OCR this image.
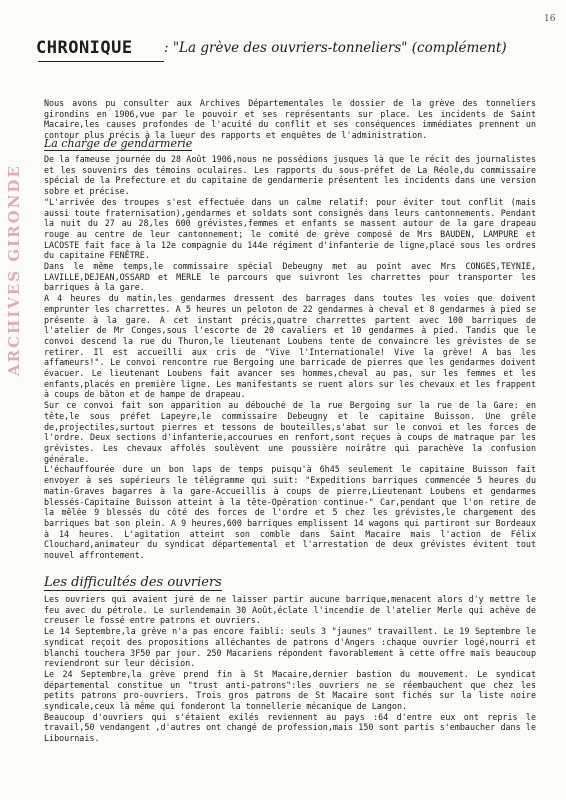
16
CHRONIQUE : "La grève des ouvriers-tonneliers" (complément)
ARCHIVES GIRONDE
Nous avons pu consulter aux Archives Départementales le dossier de la grève des tonneliers girondins en 1906,vue par le pouvoir et ses représentants sur place. Les incidents de Saint Macaire,les causes profondes de l'acuité du conflit et ses conséquences immédiates prennent un contour plus précis à la lueur des rapports et enquêtes de l'administration.
La charge de gendarmerie
De la fameuse journée du 28 Août 1906,nous ne possédions jusques là que le récit des journalistes et les souvenirs des témoins oculaires. Les rapports du sous-préfet de La Réole,du commissaire spécial de la Prefecture et du capitaine de gendarmerie présentent les incidents dans une version sobre et précise.
"L'arrivée des troupes s'est effectuée dans un calme relatif: pour éviter tout conflit (mais aussi toute fraternisation),gendarmes et soldats sont consignés dans leurs cantonnements. Pendant la nuit du 27 au 28,les 600 grévistes,femmes et enfants se massent autour de la gare drapeau rouge au centre de leur cantonnement; le comité de grève composé de Mrs BAUDEN, LAMPURE et LACOSTE fait face à la 12e compagnie du 144e régiment d'infanterie de ligne,placé sous les ordres du capitaine FENÊTRE.
Dans le même temps,le commissaire spécial Debeugny met au point avec Mrs CONGES,TEYNIE, LAVILLE,DEJEAN,OSSARD et MERLE le parcours que suivront les charrettes pour transporter les barriques à la gare.
A 4 heures du matin,les gendarmes dressent des barrages dans toutes les voies que doivent emprunter les charrettes. A 5 heures un peloton de 22 gendarmes à cheval et 8 gendarmes à pied se présente à la gare. A cet instant précis,quatre charrettes partent avec 100 barriques de l'atelier de Mr Conges,sous l'escorte de 20 cavaliers et 10 gendarmes à pied. Tandis que le convoi descend la rue du Thuron,le lieutenant Loubens tente de convaincre les grévistes de se retirer. Il est accueilli aux cris de "Vive l'Internationale! Vive la grève! A bas les affameurs!". Le convoi rencontre rue Bergoing une barricade de pierres que les gendarmes doivent évacuer. Le lieutenant Loubens fait avancer ses hommes,cheval au pas, sur les femmes et les enfants,placés en première ligne. Les manifestants se ruent alors sur les chevaux et les frappent à coups de bâton et de hampe de drapeau.
Sur ce convoi fait son apparition au débouché de la rue Bergoing sur la rue de la Gare: en tête,le sous préfet Lapeyre,le commissaire Debeugny et le capitaine Buisson. Une grêle de,projectiles,surtout pierres et tessons de bouteilles,s'abat sur le convoi et les forces de l'ordre. Deux sections d'infanterie,accourues en renfort,sont reçues à coups de matraque par les grévistes. Les chevaux affolés soulèvent une poussière noirâtre qui parachève la confusion générale.
L'échauffourée dure un bon laps de temps puisqu'à 6h45 seulement le capitaine Buisson fait envoyer à ses supérieurs le télégramme qui suit: "Expeditions barriques commencée 5 heures du matin-Graves bagarres à la gare-Accueillis à coups de pierre,Lieutenant Loubens et gendarmes blessés-Capitaine Buisson atteint à la tête-Opération continue-" Car,pendant que l'on retire de la mêlée 9 blessés du côté des forces de l'ordre et 5 chez les grévistes,le chargement des barriques bat son plein. A 9 heures,600 barriques emplissent 14 wagons qui partiront sur Bordeaux à 14 heures. L'agitation atteint son comble dans Saint Macaire mais l'action de Félix Clouchard,animateur du syndicat départemental et l'arrestation de deux grévistes évitent tout nouvel affrontement.
Les difficultés des ouvriers
Les ouvriers qui avaient juré de ne laisser partir aucune barrique,menacent alors d'y mettre le feu avec du pétrole. Le surlendemain 30 Août,éclate l'incendie de l'atelier Merle qui achève de creuser le fossé entre patrons et ouvriers.
Le 14 Septembre,la grève n'a pas encore faibli: seuls 3 "jaunes" travaillent. Le 19 Septembre le syndicat reçoit des propositions alléchantes de patrons d'Angers :chaque ouvrier logé,nourri et blanchi touchera 3F50 par jour. 250 Macariens répondent favorablement à cette offre mais beaucoup reviendront sur leur décision.
Le 24 Septembre,la grève prend fin à St Macaire,dernier bastion du mouvement. Le syndicat départemental constitue un "trust anti-patrons":les ouvriers ne se réembauchent que chez les petits patrons pro-ouvriers. Trois gros patrons de St Macaire sont fichés sur la liste noire syndicale,ceux là même qui fonderont la tonnellerie mécanique de Langon.
Beaucoup d'ouvriers qui s'étaient exilés reviennent au pays :64 d'entre eux ont repris le travail,50 vendangent ,d'autres ont changé de profession,mais 150 sont partis s'embaucher dans le Libournais.
